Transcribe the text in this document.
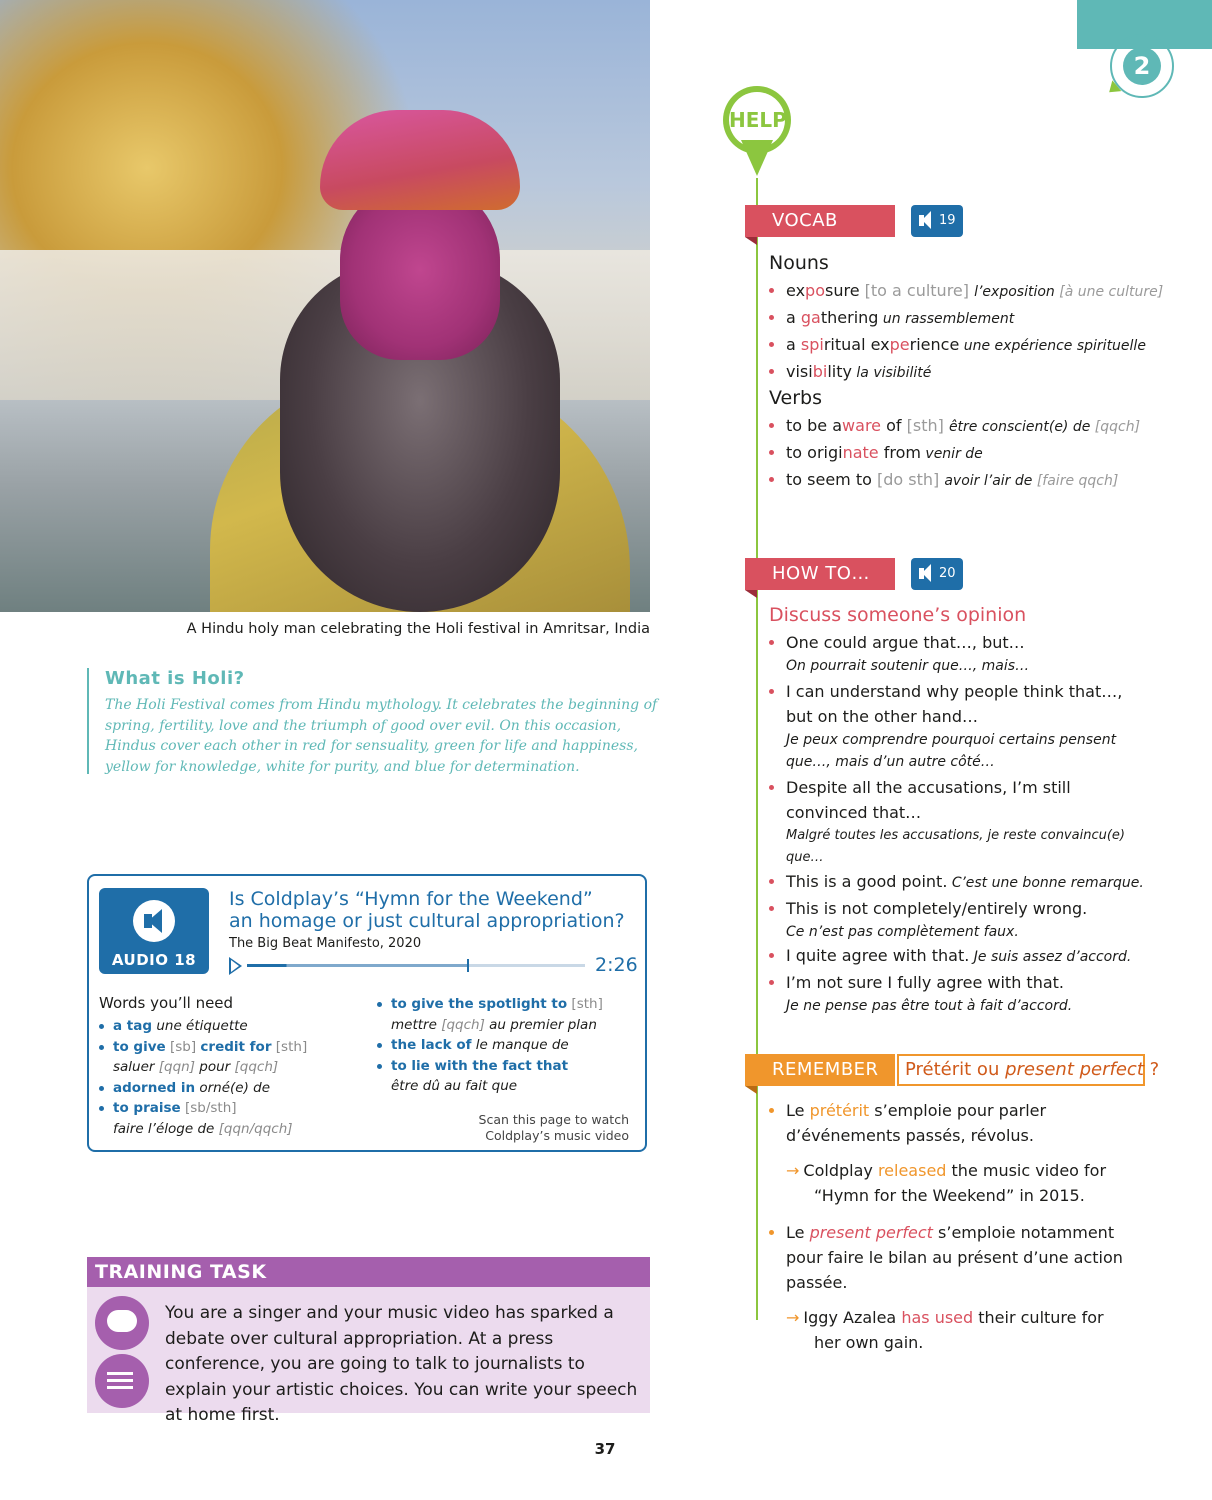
A Hindu holy man celebrating the Holi festival in Amritsar, India

What is Holi?

The Holi Festival comes from Hindu mythology. It celebrates the beginning of spring, fertility, love and the triumph of good over evil. On this occasion, Hindus cover each other in red for sensuality, green for life and happiness, yellow for knowledge, white for purity, and blue for determination.

AUDIO 18
Is Coldplay’s “Hymn for the Weekend”
an homage or just cultural appropriation?
The Big Beat Manifesto, 2020
2:26
Words you’ll need
a tag une étiquette
to give [sb] credit for [sth]
saluer [qqn] pour [qqch]
adorned in orné(e) de
to praise [sb/sth]
faire l’éloge de [qqn/qqch]
to give the spotlight to [sth]
mettre [qqch] au premier plan
the lack of le manque de
to lie with the fact that
être dû au fait que
Scan this page to watch
Coldplay’s music video
TRAINING TASK
You are a singer and your music video has sparked a debate over cultural appropriation. At a press conference, you are going to talk to journalists to explain your artistic choices. You can write your speech at home first.
37
2
HELP
VOCAB	19
Nouns
exposure [to a culture] l’exposition [à une culture]
a gathering un rassemblement
a spiritual experience une expérience spirituelle
visibility la visibilité
Verbs
to be aware of [sth] être conscient(e) de [qqch]
to originate from venir de
to seem to [do sth] avoir l’air de [faire qqch]
HOW TO…	20
Discuss someone’s opinion
One could argue that…, but…
On pourrait soutenir que…, mais…
I can understand why people think that…, but on the other hand…
Je peux comprendre pourquoi certains pensent que…, mais d’un autre côté…
Despite all the accusations, I’m still convinced that…
Malgré toutes les accusations, je reste convaincu(e) que…
This is a good point. C’est une bonne remarque.
This is not completely/entirely wrong.
Ce n’est pas complètement faux.
I quite agree with that. Je suis assez d’accord.
I’m not sure I fully agree with that.
Je ne pense pas être tout à fait d’accord.
REMEMBER	Prétérit ou present perfect ?
Le prétérit s’emploie pour parler d’événements passés, révolus.
→ Coldplay released the music video for “Hymn for the Weekend” in 2015.
Le present perfect s’emploie notamment pour faire le bilan au présent d’une action passée.
→ Iggy Azalea has used their culture for her own gain.
